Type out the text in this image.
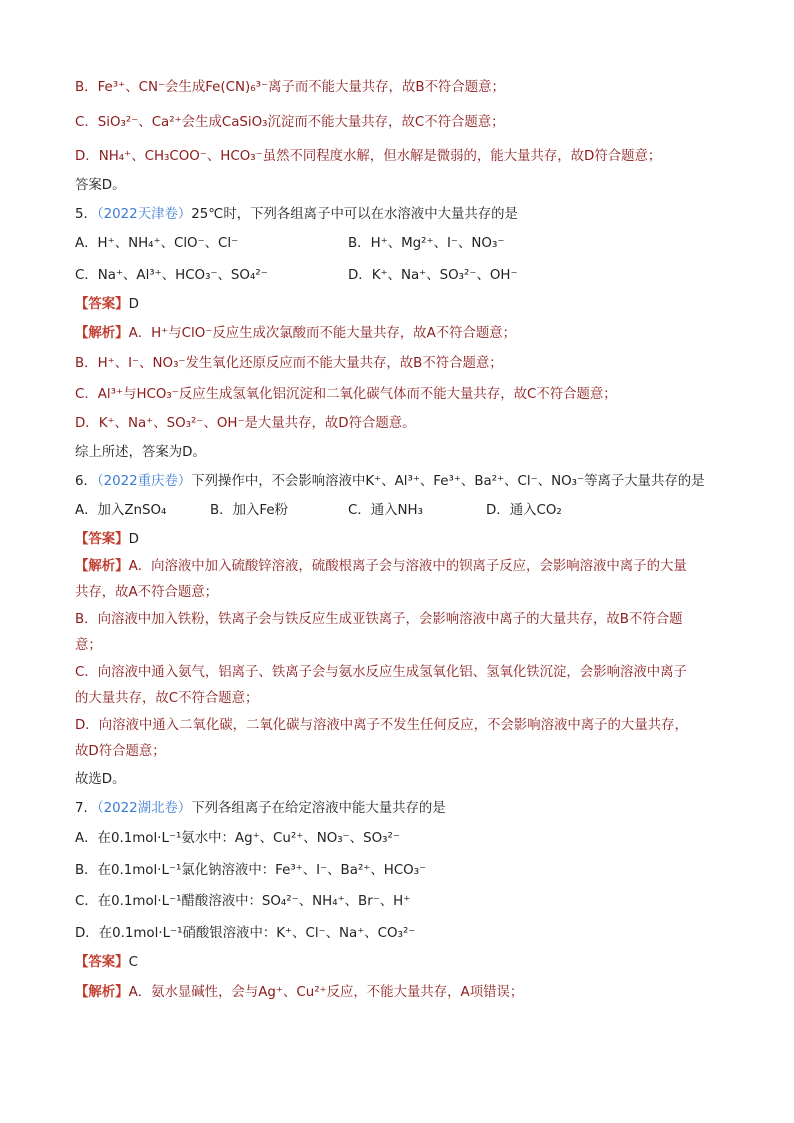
B．Fe³⁺、CN⁻会生成Fe(CN)₆³⁻离子而不能大量共存，故B不符合题意；
C．SiO₃²⁻、Ca²⁺会生成CaSiO₃沉淀而不能大量共存，故C不符合题意；
D．NH₄⁺、CH₃COO⁻、HCO₃⁻虽然不同程度水解，但水解是微弱的，能大量共存，故D符合题意；
答案D。
5．（2022天津卷）25℃时，下列各组离子中可以在水溶液中大量共存的是
A．H⁺、NH₄⁺、ClO⁻、Cl⁻	B．H⁺、Mg²⁺、I⁻、NO₃⁻
C．Na⁺、Al³⁺、HCO₃⁻、SO₄²⁻	D．K⁺、Na⁺、SO₃²⁻、OH⁻
【答案】D
【解析】A．H⁺与ClO⁻反应生成次氯酸而不能大量共存，故A不符合题意；
B．H⁺、I⁻、NO₃⁻发生氧化还原反应而不能大量共存，故B不符合题意；
C．Al³⁺与HCO₃⁻反应生成氢氧化铝沉淀和二氧化碳气体而不能大量共存，故C不符合题意；
D．K⁺、Na⁺、SO₃²⁻、OH⁻是大量共存，故D符合题意。
综上所述，答案为D。
6．（2022重庆卷）下列操作中，不会影响溶液中K⁺、Al³⁺、Fe³⁺、Ba²⁺、Cl⁻、NO₃⁻等离子大量共存的是
A．加入ZnSO₄	B．加入Fe粉	C．通入NH₃	D．通入CO₂
【答案】D
【解析】A．向溶液中加入硫酸锌溶液，硫酸根离子会与溶液中的钡离子反应，会影响溶液中离子的大量
共存，故A不符合题意；
B．向溶液中加入铁粉，铁离子会与铁反应生成亚铁离子，会影响溶液中离子的大量共存，故B不符合题
意；
C．向溶液中通入氨气，铝离子、铁离子会与氨水反应生成氢氧化铝、氢氧化铁沉淀，会影响溶液中离子
的大量共存，故C不符合题意；
D．向溶液中通入二氧化碳，二氧化碳与溶液中离子不发生任何反应，不会影响溶液中离子的大量共存，
故D符合题意；
故选D。
7．（2022湖北卷）下列各组离子在给定溶液中能大量共存的是
A．在0.1mol·L⁻¹氨水中：Ag⁺、Cu²⁺、NO₃⁻、SO₃²⁻
B．在0.1mol·L⁻¹氯化钠溶液中：Fe³⁺、I⁻、Ba²⁺、HCO₃⁻
C．在0.1mol·L⁻¹醋酸溶液中：SO₄²⁻、NH₄⁺、Br⁻、H⁺
D．在0.1mol·L⁻¹硝酸银溶液中：K⁺、Cl⁻、Na⁺、CO₃²⁻
【答案】C
【解析】A．氨水显碱性，会与Ag⁺、Cu²⁺反应，不能大量共存，A项错误；
